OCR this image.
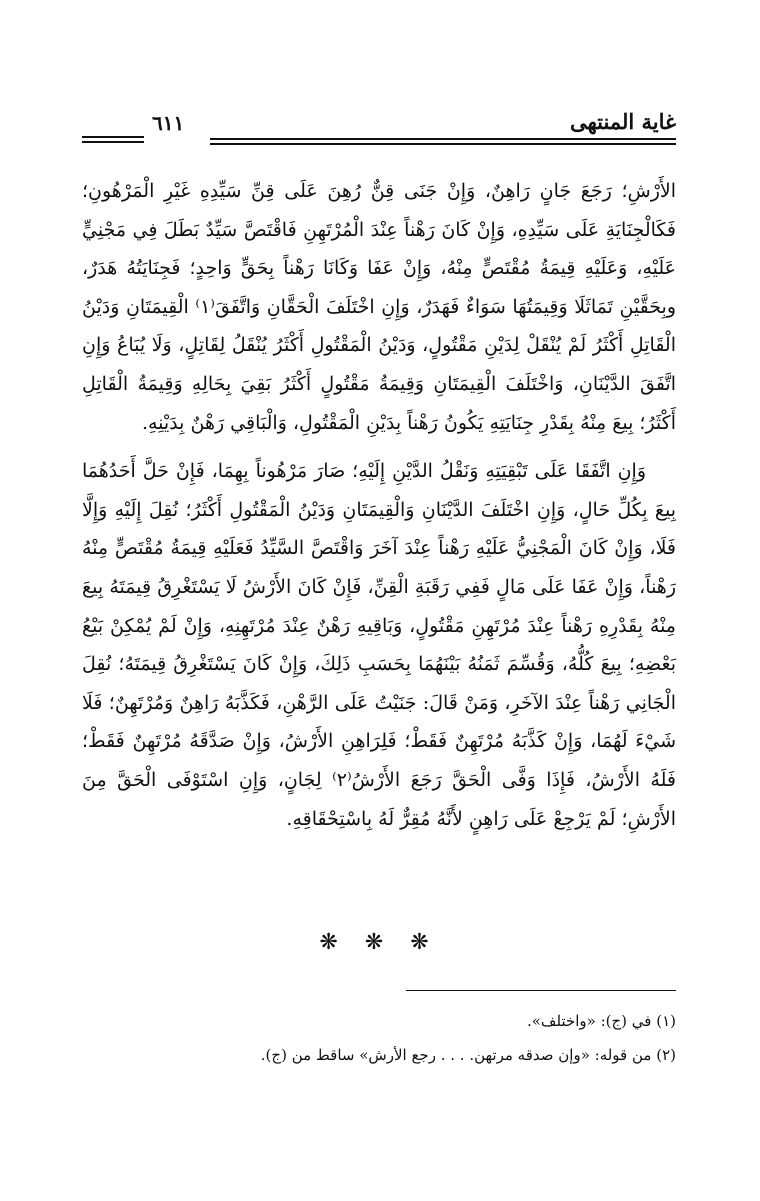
غاية المنتهى
٦١١

الأَرْشِ؛ رَجَعَ جَانٍ رَاهِنٌ، وَإِنْ جَنَى قِنٌّ رُهِنَ عَلَى قِنِّ سَيِّدِهِ غَيْرِ الْمَرْهُونِ؛ فَكَالْجِنَايَةِ عَلَى سَيِّدِهِ، وَإِنْ كَانَ رَهْناً عِنْدَ الْمُرْتَهِنِ فَاقْتَصَّ سَيِّدٌ بَطَلَ فِي مَجْنِيٍّ عَلَيْهِ، وَعَلَيْهِ قِيمَةُ مُقْتَصٍّ مِنْهُ، وَإِنْ عَفَا وَكَانَا رَهْناً بِحَقٍّ وَاحِدٍ؛ فَجِنَايَتُهُ هَدَرٌ، وبِحَقَّيْنِ تَمَاثَلَا وَقِيمَتُهَا سَوَاءٌ فَهَدَرٌ، وَإِنِ اخْتَلَفَ الْحَقَّانِ وَاتَّفَقَ⁽١⁾ الْقِيمَتَانِ وَدَيْنُ الْقَاتِلِ أَكْثَرُ لَمْ يُنْقَلْ لِدَيْنِ مَقْتُولٍ، وَدَيْنُ الْمَقْتُولِ أَكْثَرُ يُنْقَلُ لِقَاتِلٍ، وَلَا يُبَاعُ وَإِنِ اتَّفَقَ الدَّيْنَانِ، وَاخْتَلَفَ الْقِيمَتَانِ وَقِيمَةُ مَقْتُولٍ أَكْثَرُ بَقِيَ بِحَالِهِ وَقِيمَةُ الْقَاتِلِ أَكْثَرُ؛ بِيعَ مِنْهُ بِقَدْرِ جِنَايَتِهِ يَكُونُ رَهْناً بِدَيْنِ الْمَقْتُولِ، وَالْبَاقِي رَهْنٌ بِدَيْنِهِ.

وَإِنِ اتَّفَقَا عَلَى تَبْقِيَتِهِ وَنَقْلُ الدَّيْنِ إِلَيْهِ؛ صَارَ مَرْهُوناً بِهِمَا، فَإِنْ حَلَّ أَحَدُهُمَا بِيعَ بِكُلِّ حَالٍ، وَإِنِ اخْتَلَفَ الدَّيْنَانِ وَالْقِيمَتَانِ وَدَيْنُ الْمَقْتُولِ أَكْثَرُ؛ نُقِلَ إِلَيْهِ وَإِلَّا فَلَا، وَإِنْ كَانَ الْمَجْنِيُّ عَلَيْهِ رَهْناً عِنْدَ آخَرَ وَاقْتَصَّ السَّيِّدُ فَعَلَيْهِ قِيمَةُ مُقْتَصٍّ مِنْهُ رَهْناً، وَإِنْ عَفَا عَلَى مَالٍ فَفِي رَقَبَةِ الْقِنِّ، فَإِنْ كَانَ الأَرْشُ لَا يَسْتَغْرِقُ قِيمَتَهُ بِيعَ مِنْهُ بِقَدْرِهِ رَهْناً عِنْدَ مُرْتَهِنِ مَقْتُولٍ، وَبَاقِيهِ رَهْنٌ عِنْدَ مُرْتَهِنِهِ، وَإِنْ لَمْ يُمْكِنْ بَيْعُ بَعْضِهِ؛ بِيعَ كُلُّهُ، وَقُسِّمَ ثَمَنُهُ بَيْنَهُمَا بِحَسَبِ ذَلِكَ، وَإِنْ كَانَ يَسْتَغْرِقُ قِيمَتَهُ؛ نُقِلَ الْجَانِي رَهْناً عِنْدَ الآخَرِ، وَمَنْ قَالَ: جَنَيْتُ عَلَى الرَّهْنِ، فَكَذَّبَهُ رَاهِنٌ وَمُرْتَهِنٌ؛ فَلَا شَيْءَ لَهُمَا، وَإِنْ كَذَّبَهُ مُرْتَهِنٌ فَقَطْ؛ فَلِرَاهِنِ الأَرْشُ، وَإِنْ صَدَّقَهُ مُرْتَهِنٌ فَقَطْ؛ فَلَهُ الأَرْشُ، فَإِذَا وَفَّى الْحَقَّ رَجَعَ الأَرْشُ⁽٢⁾ لِجَانٍ، وَإِنِ اسْتَوْفَى الْحَقَّ مِنَ الأَرْشِ؛ لَمْ يَرْجِعْ عَلَى رَاهِنٍ لأَنَّهُ مُقِرٌّ لَهُ بِاسْتِحْقَاقِهِ.

❋ ❋ ❋
(١) في (ج): «واختلف».
(٢) من قوله: «وإن صدقه مرتهن. . . . رجع الأرش» ساقط من (ج).
